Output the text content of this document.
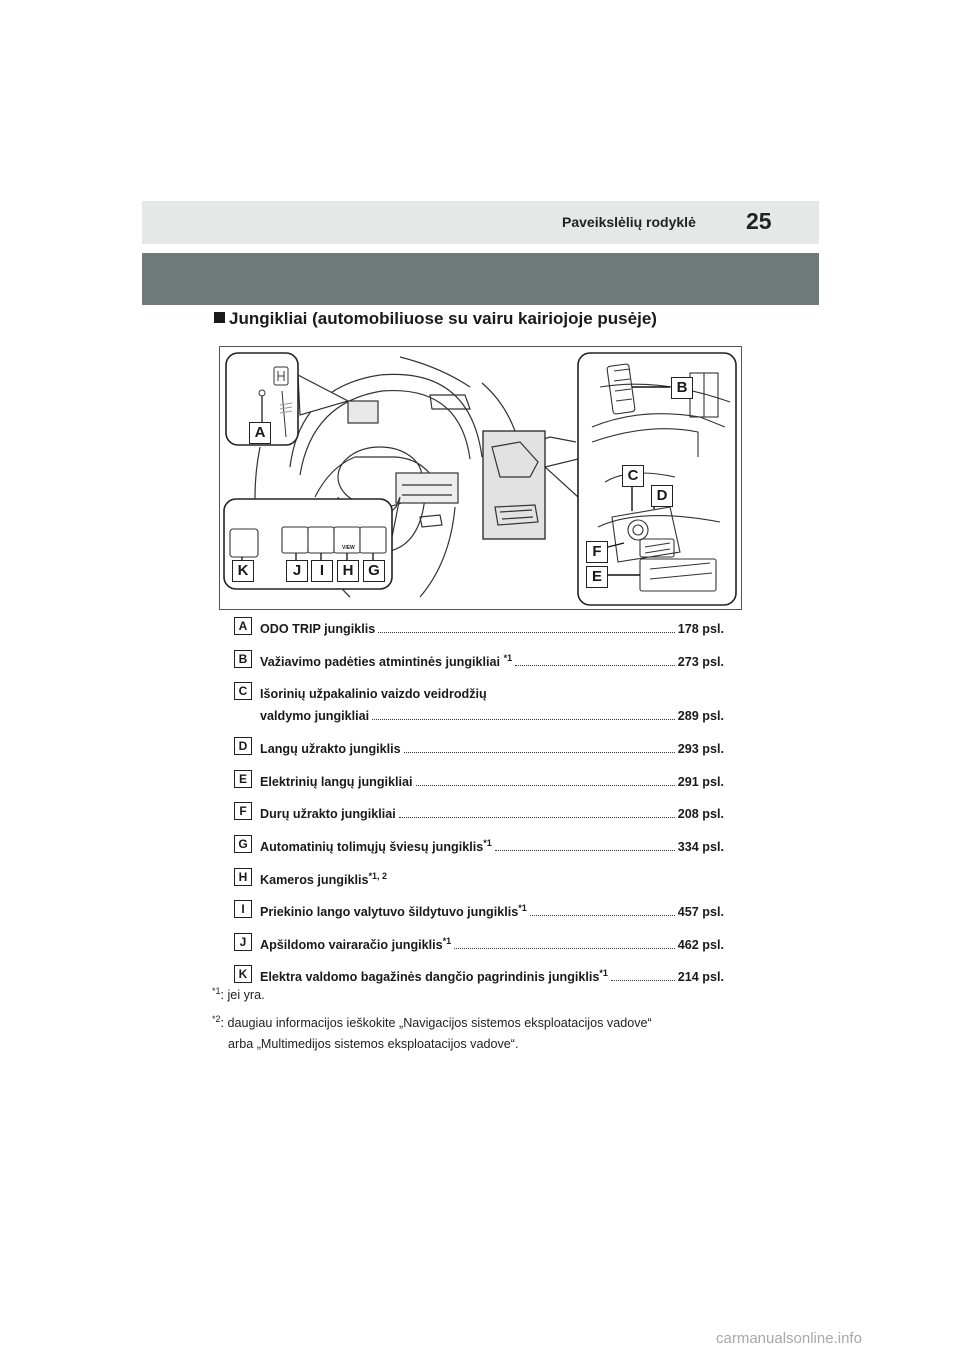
Paveikslėlių rodyklė 25
Jungikliai (automobiliuose su vairu kairiojoje pusėje)
VIEW
A
B
C
D
E
F
G
H
I
J
K
A	ODO TRIP jungiklis	178 psl.
B	Važiavimo padėties atmintinės jungikliai $^{*1}$	273 psl.
C	Išorinių užpakalinio vaizdo veidrodžių
valdymo jungikliai	289 psl.
D	Langų užrakto jungiklis	293 psl.
E	Elektrinių langų jungikliai	291 psl.
F	Durų užrakto jungikliai	208 psl.
G Automatinių tolimųjų šviesų jungiklis$^{*1}$	334 psl.
H	Kameros jungiklis$^{*1, 2}$
I	Priekinio lango valytuvo šildytuvo jungiklis$^{*1}$	457 psl.
J	Apšildomo vairaračio jungiklis$^{*1}$	462 psl.
K	Elektra valdomo bagažinės dangčio pagrindinis jungiklis$^{*1}$	214 psl.
$^{*1}$: jei yra.
$^{*2}$: daugiau informacijos ieškokite „Navigacijos sistemos eksploatacijos vadove“
arba „Multimedijos sistemos eksploatacijos vadove“.
carmanualsonline.info
